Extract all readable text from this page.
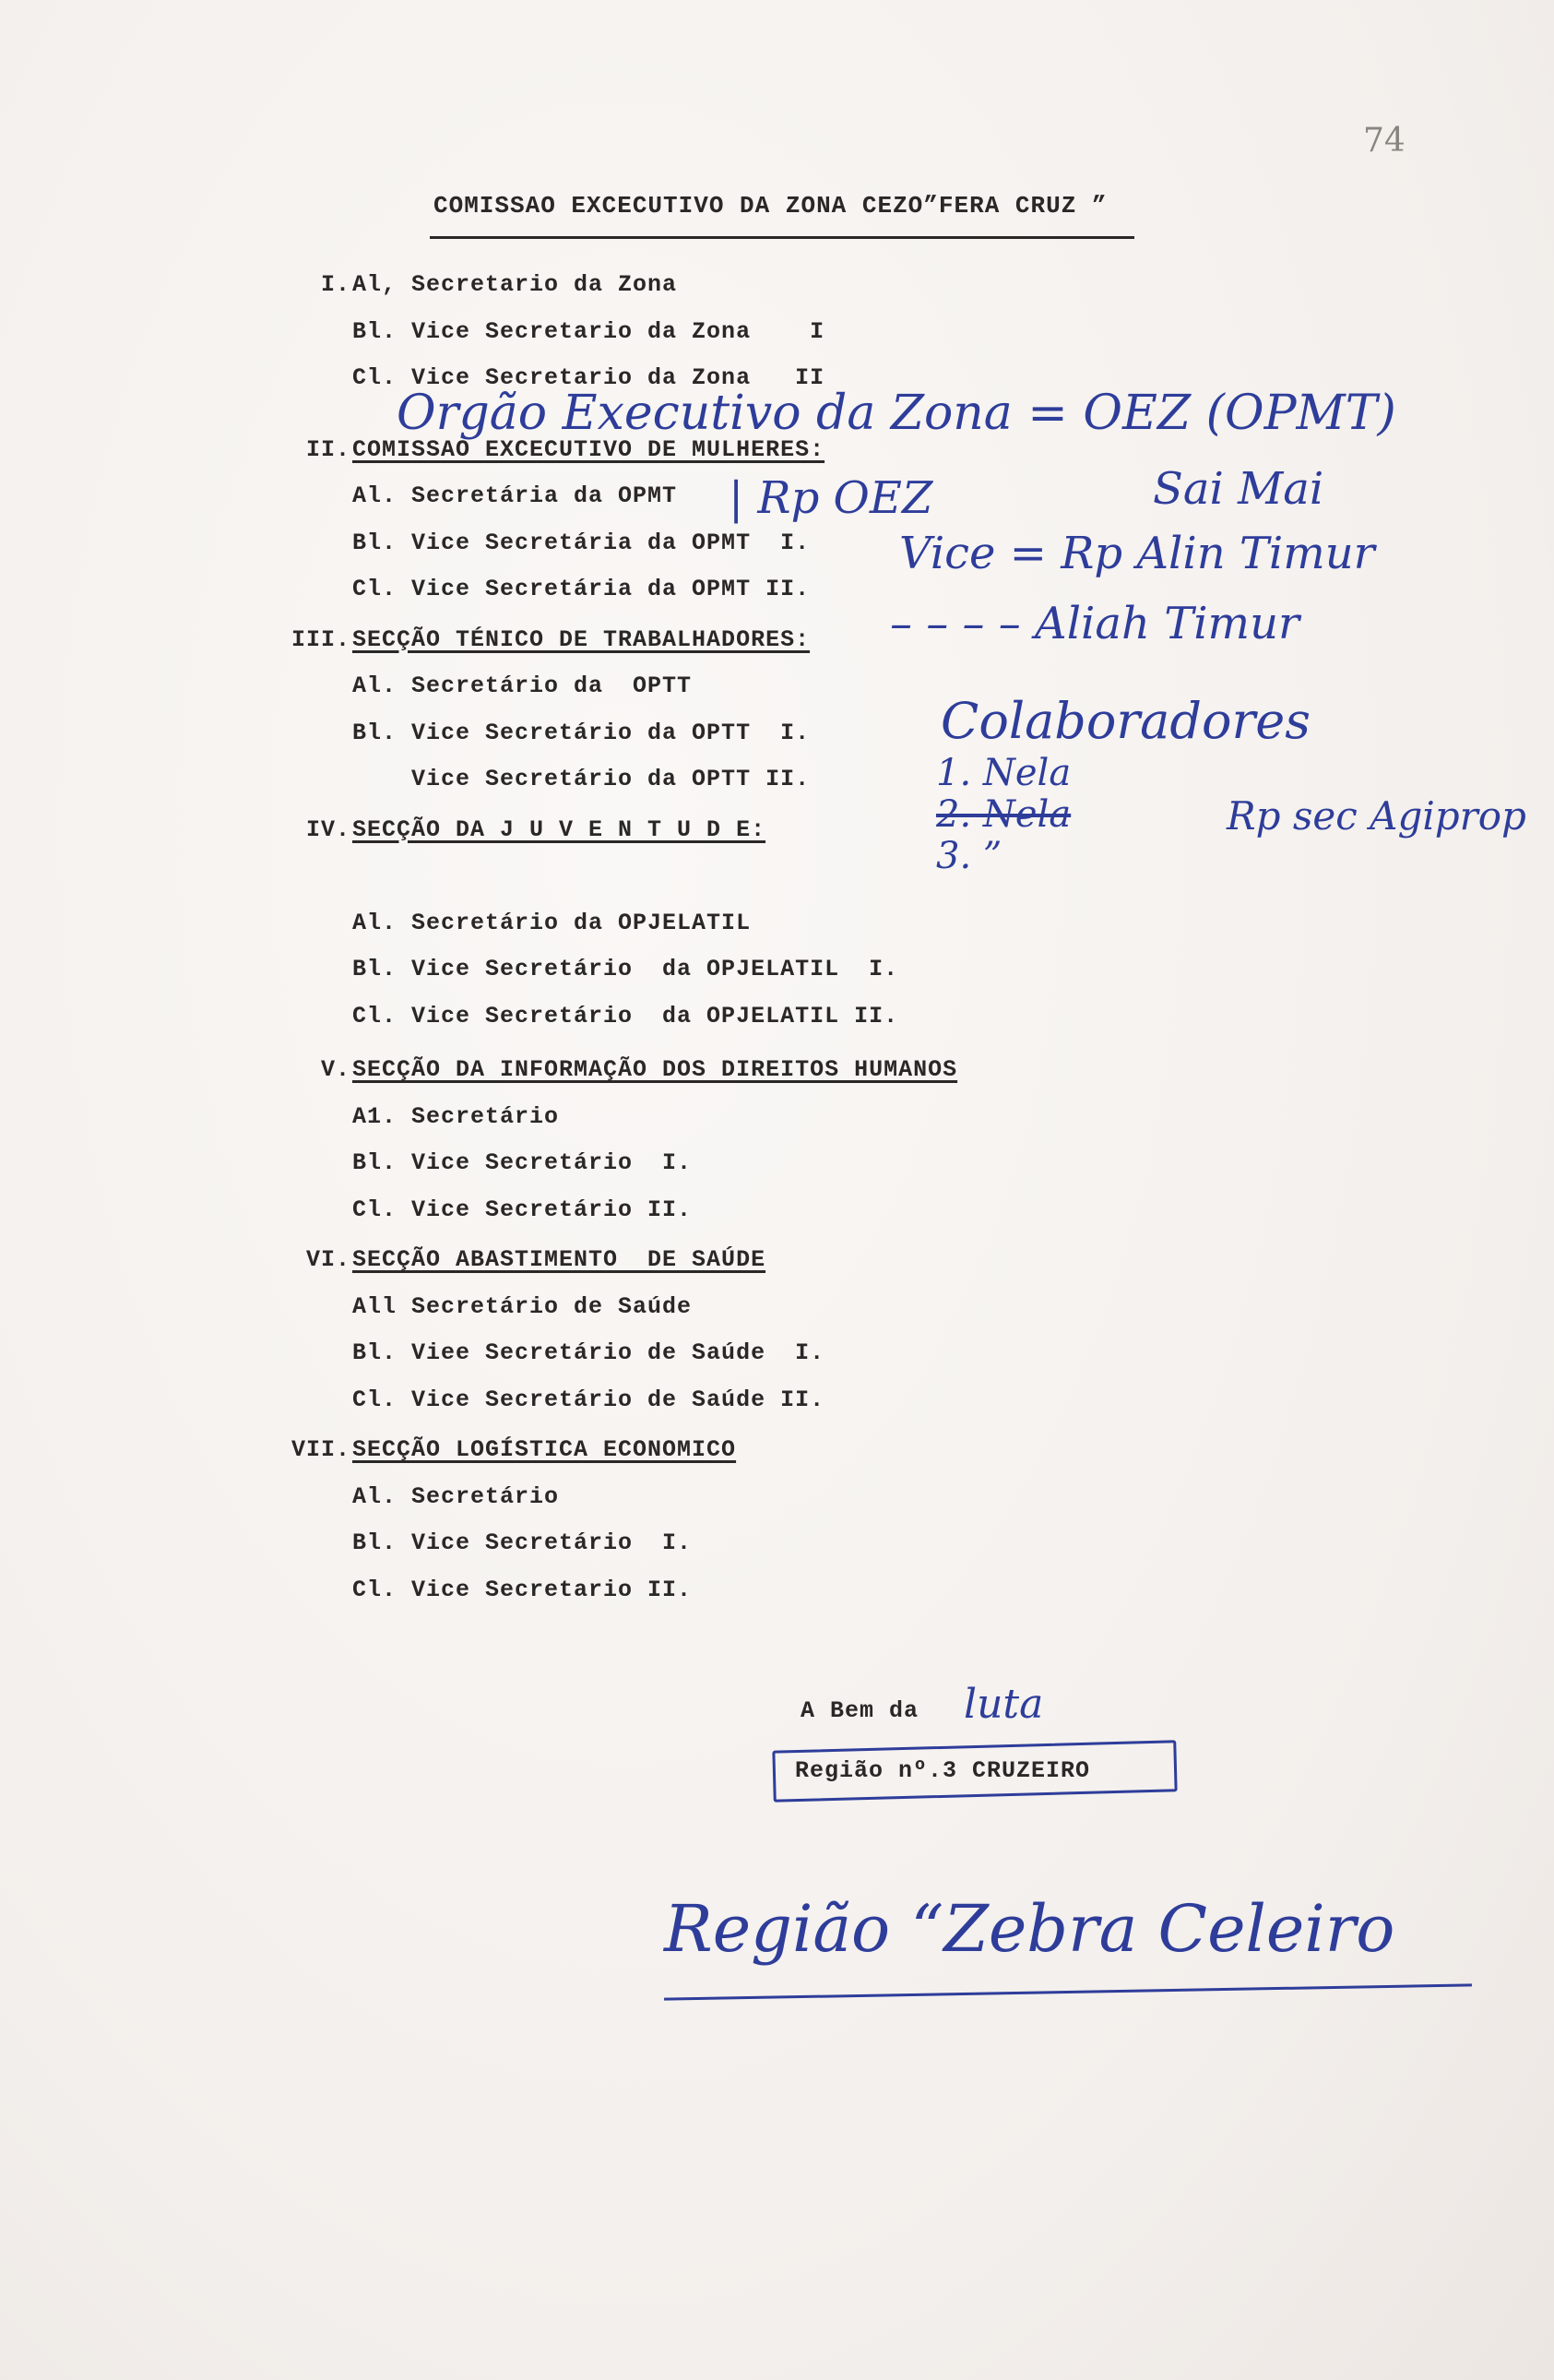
74
COMISSAO EXCECUTIVO DA ZONA CEZO”FERA CRUZ ”
I. Al, Secretario da Zona
Bl. Vice Secretario da Zona    I
Cl. Vice Secretario da Zona   II
II. COMISSAO EXCECUTIVO DE MULHERES:
Al. Secretária da OPMT
Bl. Vice Secretária da OPMT  I.
Cl. Vice Secretária da OPMT II.
III. SECÇÃO TÉNICO DE TRABALHADORES:
Al. Secretário da  OPTT
Bl. Vice Secretário da OPTT  I.
Vice Secretário da OPTT II.
IV. SECÇÃO DA J U V E N T U D E:
Al. Secretário da OPJELATIL
Bl. Vice Secretário  da OPJELATIL  I.
Cl. Vice Secretário  da OPJELATIL II.
V. SECÇÃO DA INFORMAÇÃO DOS DIREITOS HUMANOS
A1. Secretário
Bl. Vice Secretário  I.
Cl. Vice Secretário II.
VI. SECÇÃO ABASTIMENTO  DE SAÚDE
All Secretário de Saúde
Bl. Viee Secretário de Saúde  I.
Cl. Vice Secretário de Saúde II.
VII. SECÇÃO LOGÍSTICA ECONOMICO
Al. Secretário
Bl. Vice Secretário  I.
Cl. Vice Secretario II.
Orgão Executivo da Zona = OEZ (OPMT)
| Rp OEZ	Sai Mai
Vice = Rp Alin Timur
– – – – Aliah Timur
Colaboradores
1. Nela
2. Nela
3. ”
Rp sec Agiprop
A Bem da luta
Região nº.3 CRUZEIRO
Região “Zebra Celeiro
